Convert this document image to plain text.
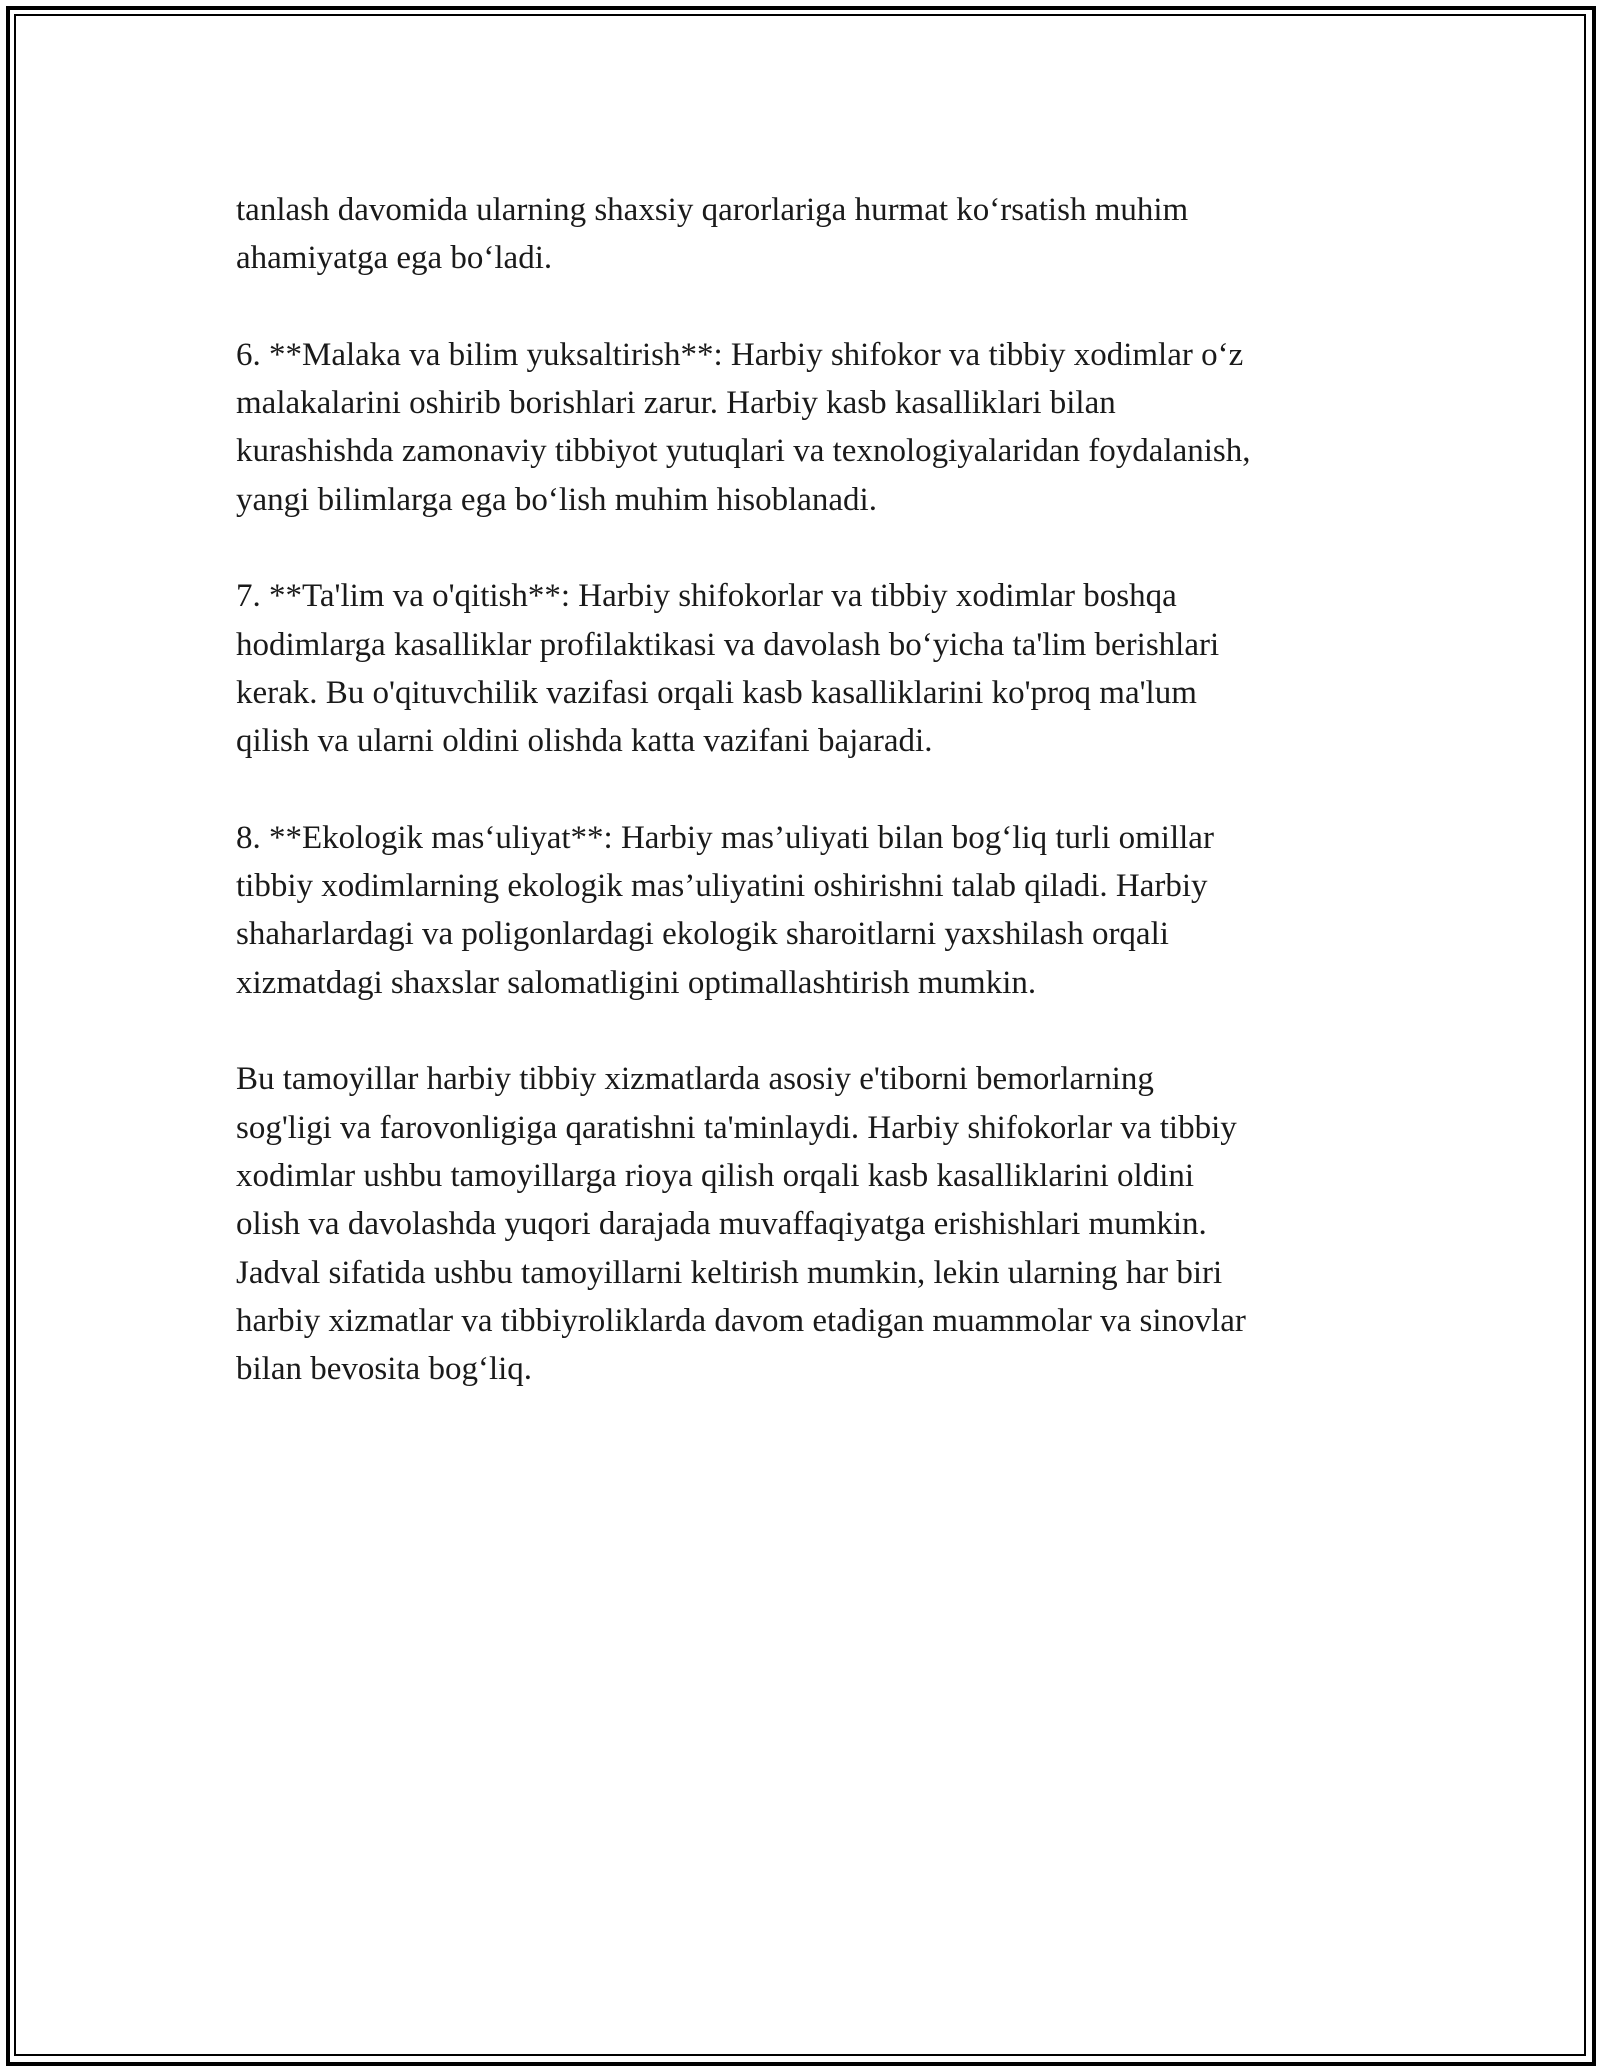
tanlash davomida ularning shaxsiy qarorlariga hurmat ko‘rsatish muhim
ahamiyatga ega bo‘ladi.
6. **Malaka va bilim yuksaltirish**: Harbiy shifokor va tibbiy xodimlar o‘z
malakalarini oshirib borishlari zarur. Harbiy kasb kasalliklari bilan
kurashishda zamonaviy tibbiyot yutuqlari va texnologiyalaridan foydalanish,
yangi bilimlarga ega bo‘lish muhim hisoblanadi.
7. **Ta'lim va o'qitish**: Harbiy shifokorlar va tibbiy xodimlar boshqa
hodimlarga kasalliklar profilaktikasi va davolash bo‘yicha ta'lim berishlari
kerak. Bu o'qituvchilik vazifasi orqali kasb kasalliklarini ko'proq ma'lum
qilish va ularni oldini olishda katta vazifani bajaradi.
8. **Ekologik mas‘uliyat**: Harbiy mas’uliyati bilan bog‘liq turli omillar
tibbiy xodimlarning ekologik mas’uliyatini oshirishni talab qiladi. Harbiy
shaharlardagi va poligonlardagi ekologik sharoitlarni yaxshilash orqali
xizmatdagi shaxslar salomatligini optimallashtirish mumkin.
Bu tamoyillar harbiy tibbiy xizmatlarda asosiy e'tiborni bemorlarning
sog'ligi va farovonligiga qaratishni ta'minlaydi. Harbiy shifokorlar va tibbiy
xodimlar ushbu tamoyillarga rioya qilish orqali kasb kasalliklarini oldini
olish va davolashda yuqori darajada muvaffaqiyatga erishishlari mumkin.
Jadval sifatida ushbu tamoyillarni keltirish mumkin, lekin ularning har biri
harbiy xizmatlar va tibbiyroliklarda davom etadigan muammolar va sinovlar
bilan bevosita bog‘liq.
